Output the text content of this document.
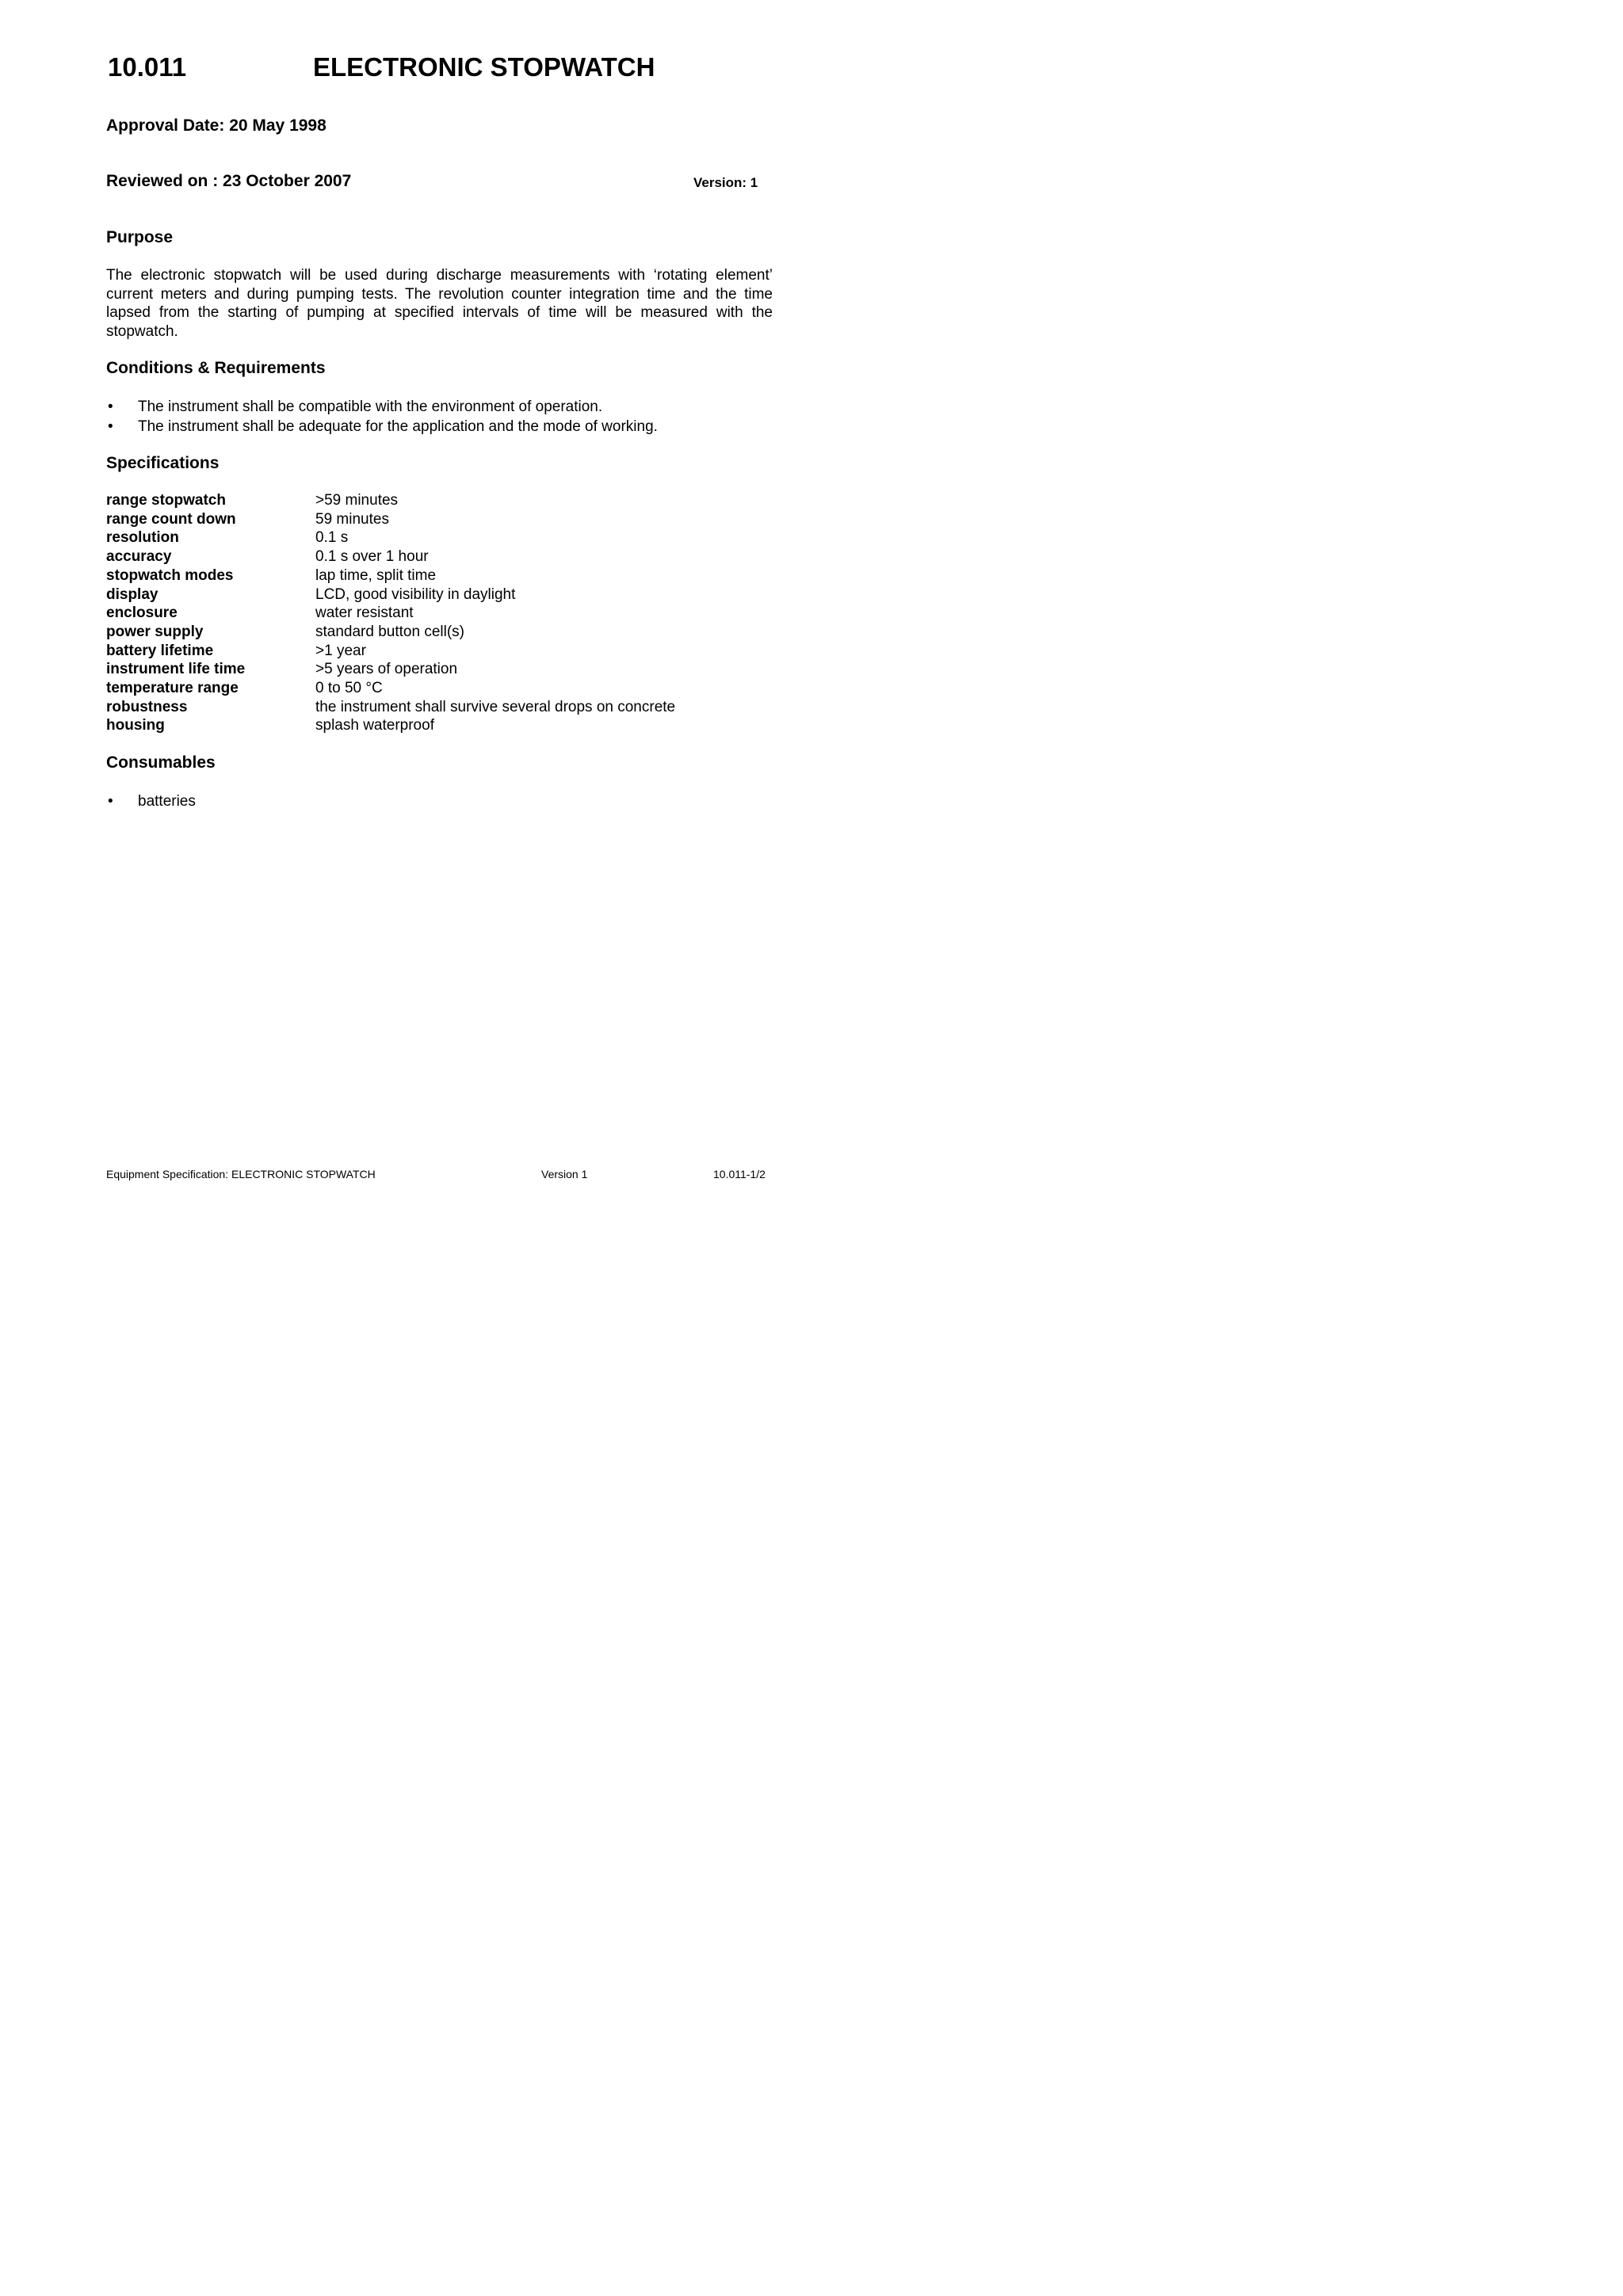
10.011	ELECTRONIC STOPWATCH
Approval Date: 20 May 1998
Reviewed on : 23 October 2007	Version: 1
Purpose

The electronic stopwatch will be used during discharge measurements with ‘rotating element’ current meters and during pumping tests. The revolution counter integration time and the time lapsed from the starting of pumping at specified intervals of time will be measured with the stopwatch.

Conditions & Requirements
• The instrument shall be compatible with the environment of operation.
• The instrument shall be adequate for the application and the mode of working.
Specifications
range stopwatch	>59 minutes
range count down	59 minutes
resolution	0.1 s
accuracy	0.1 s over 1 hour
stopwatch modes	lap time, split time
display	LCD, good visibility in daylight
enclosure	water resistant
power supply	standard button cell(s)
battery lifetime	>1 year
instrument life time	>5 years of operation
temperature range	0 to 50 °C
robustness	the instrument shall survive several drops on concrete
housing	splash waterproof
Consumables
• batteries
Equipment Specification: ELECTRONIC STOPWATCH	Version 1	10.011-1/2
